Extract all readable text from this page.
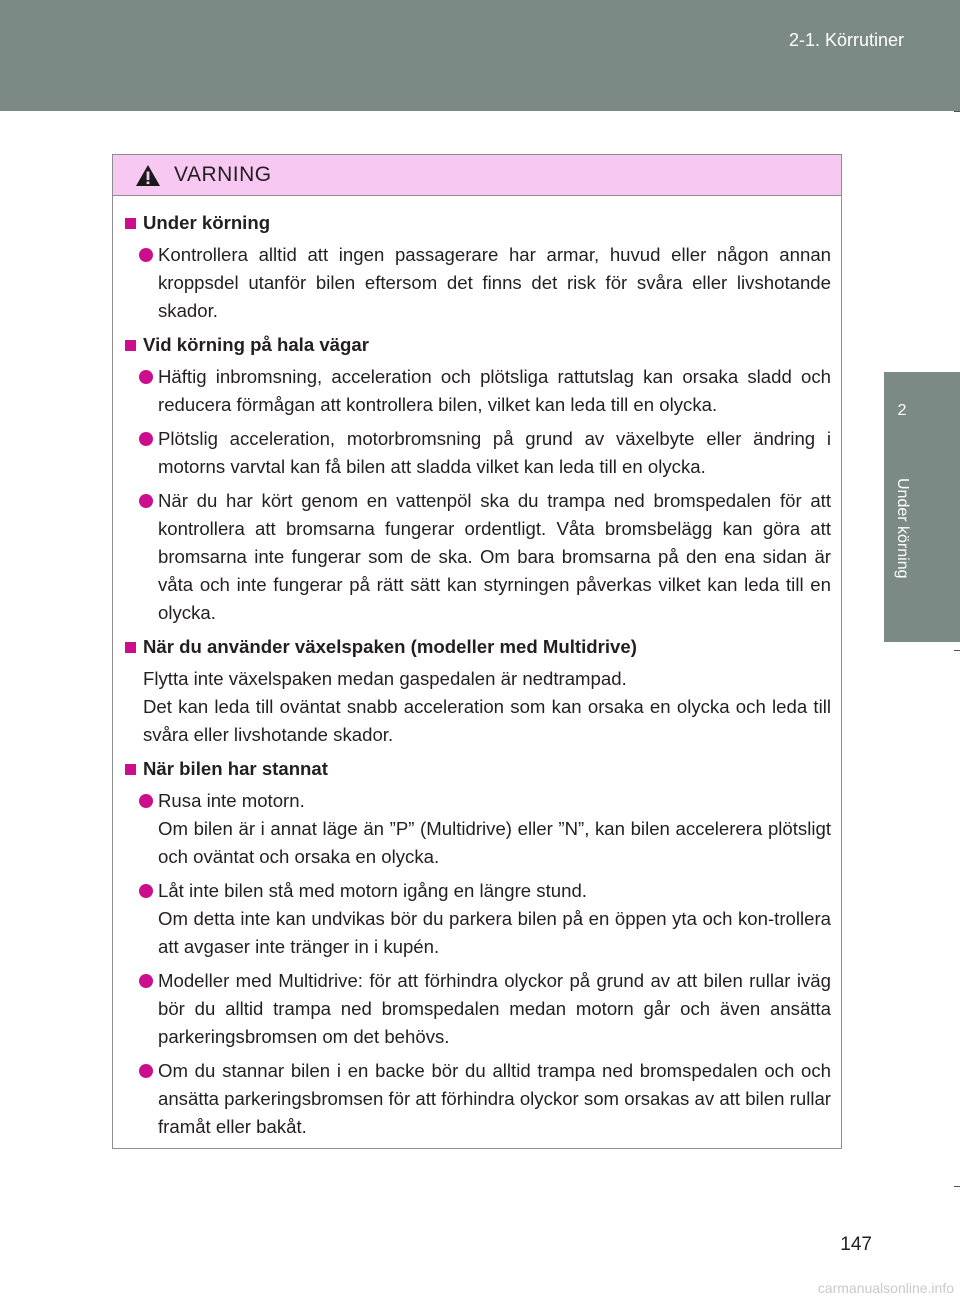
2-1. Körrutiner
2
Under körning
VARNING
Under körning
Kontrollera alltid att ingen passagerare har armar, huvud eller någon annan kroppsdel utanför bilen eftersom det finns det risk för svåra eller livshotande skador.
Vid körning på hala vägar
Häftig inbromsning, acceleration och plötsliga rattutslag kan orsaka sladd och reducera förmågan att kontrollera bilen, vilket kan leda till en olycka.
Plötslig acceleration, motorbromsning på grund av växelbyte eller ändring i motorns varvtal kan få bilen att sladda vilket kan leda till en olycka.
När du har kört genom en vattenpöl ska du trampa ned bromspedalen för att kontrollera att bromsarna fungerar ordentligt. Våta bromsbelägg kan göra att bromsarna inte fungerar som de ska. Om bara bromsarna på den ena sidan är våta och inte fungerar på rätt sätt kan styrningen påverkas vilket kan leda till en olycka.
När du använder växelspaken (modeller med Multidrive)
Flytta inte växelspaken medan gaspedalen är nedtrampad.
Det kan leda till oväntat snabb acceleration som kan orsaka en olycka och leda till svåra eller livshotande skador.
När bilen har stannat
Rusa inte motorn.
Om bilen är i annat läge än ”P” (Multidrive) eller ”N”, kan bilen accelerera plötsligt och oväntat och orsaka en olycka.
Låt inte bilen stå med motorn igång en längre stund.
Om detta inte kan undvikas bör du parkera bilen på en öppen yta och kon-trollera att avgaser inte tränger in i kupén.
Modeller med Multidrive: för att förhindra olyckor på grund av att bilen rullar iväg bör du alltid trampa ned bromspedalen medan motorn går och även ansätta parkeringsbromsen om det behövs.
Om du stannar bilen i en backe bör du alltid trampa ned bromspedalen och och ansätta parkeringsbromsen för att förhindra olyckor som orsakas av att bilen rullar framåt eller bakåt.
147
carmanualsonline.info
